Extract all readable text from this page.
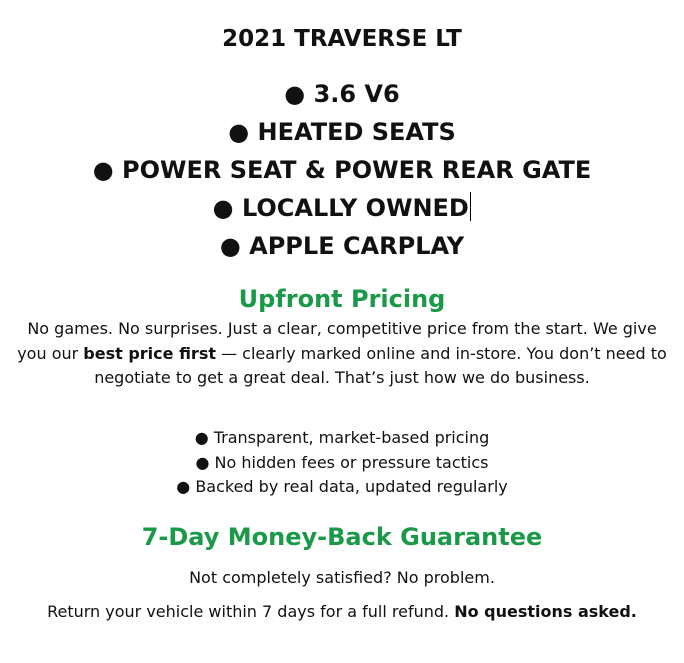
2021 TRAVERSE LT
● 3.6 V6
● HEATED SEATS
● POWER SEAT & POWER REAR GATE
● LOCALLY OWNED
● APPLE CARPLAY
Upfront Pricing

No games. No surprises. Just a clear, competitive price from the start. We give you our best price first — clearly marked online and in-store. You don’t need to negotiate to get a great deal. That’s just how we do business.

● Transparent, market-based pricing
● No hidden fees or pressure tactics
● Backed by real data, updated regularly
7-Day Money-Back Guarantee

Not completely satisfied? No problem.

Return your vehicle within 7 days for a full refund. No questions asked.
